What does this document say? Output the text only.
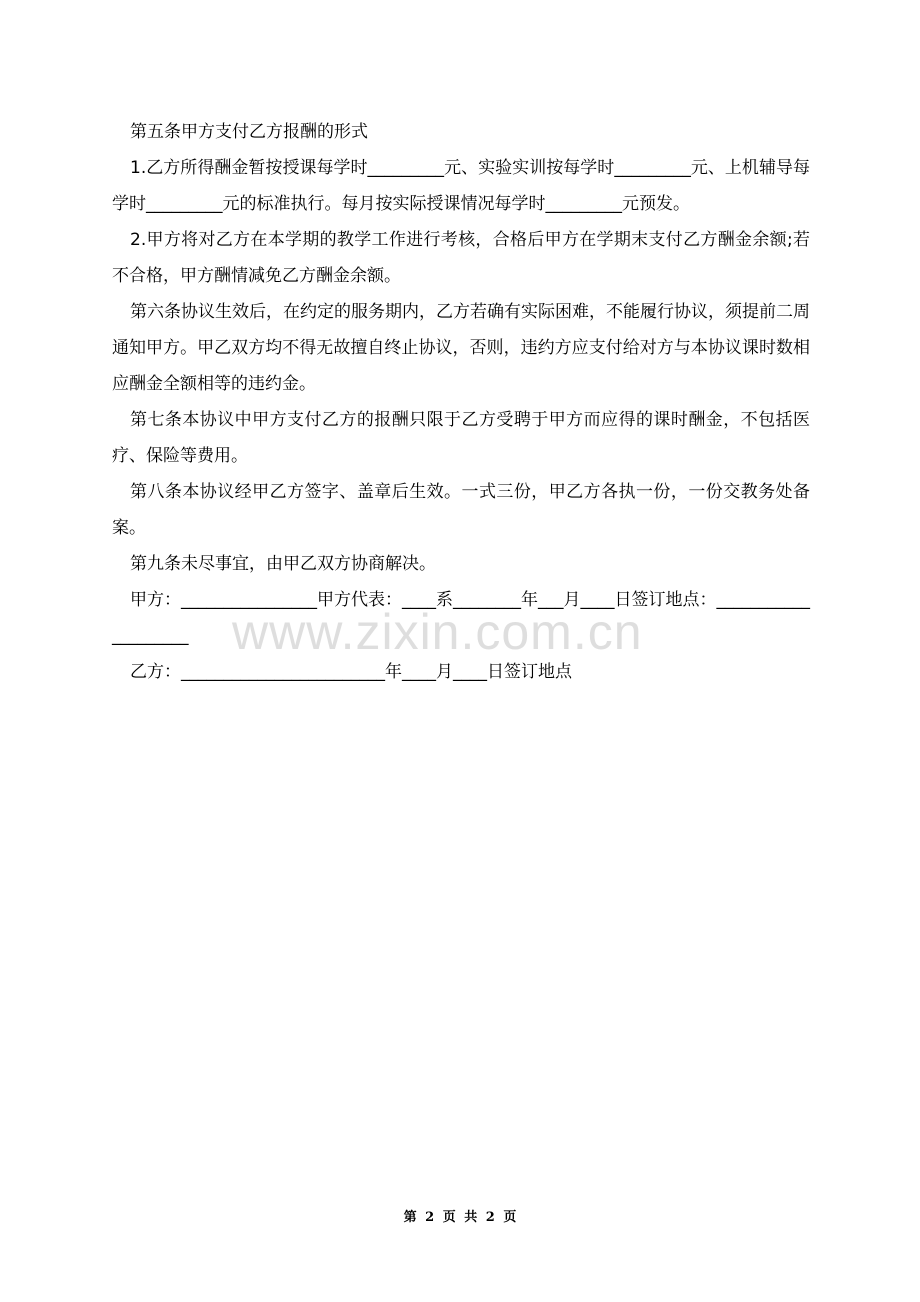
第五条甲方支付乙方报酬的形式

1.乙方所得酬金暂按授课每学时_________元、实验实训按每学时_________元、上机辅导每学时_________元的标准执行。每月按实际授课情况每学时_________元预发。

2.甲方将对乙方在本学期的教学工作进行考核，合格后甲方在学期末支付乙方酬金余额;若不合格，甲方酬情减免乙方酬金余额。

第六条协议生效后，在约定的服务期内，乙方若确有实际困难，不能履行协议，须提前二周通知甲方。甲乙双方均不得无故擅自终止协议，否则，违约方应支付给对方与本协议课时数相应酬金全额相等的违约金。

第七条本协议中甲方支付乙方的报酬只限于乙方受聘于甲方而应得的课时酬金，不包括医疗、保险等费用。

第八条本协议经甲乙方签字、盖章后生效。一式三份，甲乙方各执一份，一份交教务处备案。

第九条未尽事宜，由甲乙双方协商解决。

甲方：________________甲方代表：____系________年___月____日签订地点：____________________

乙方：________________________年____月____日签订地点

www.zixin.com.cn
第 2 页 共 2 页
